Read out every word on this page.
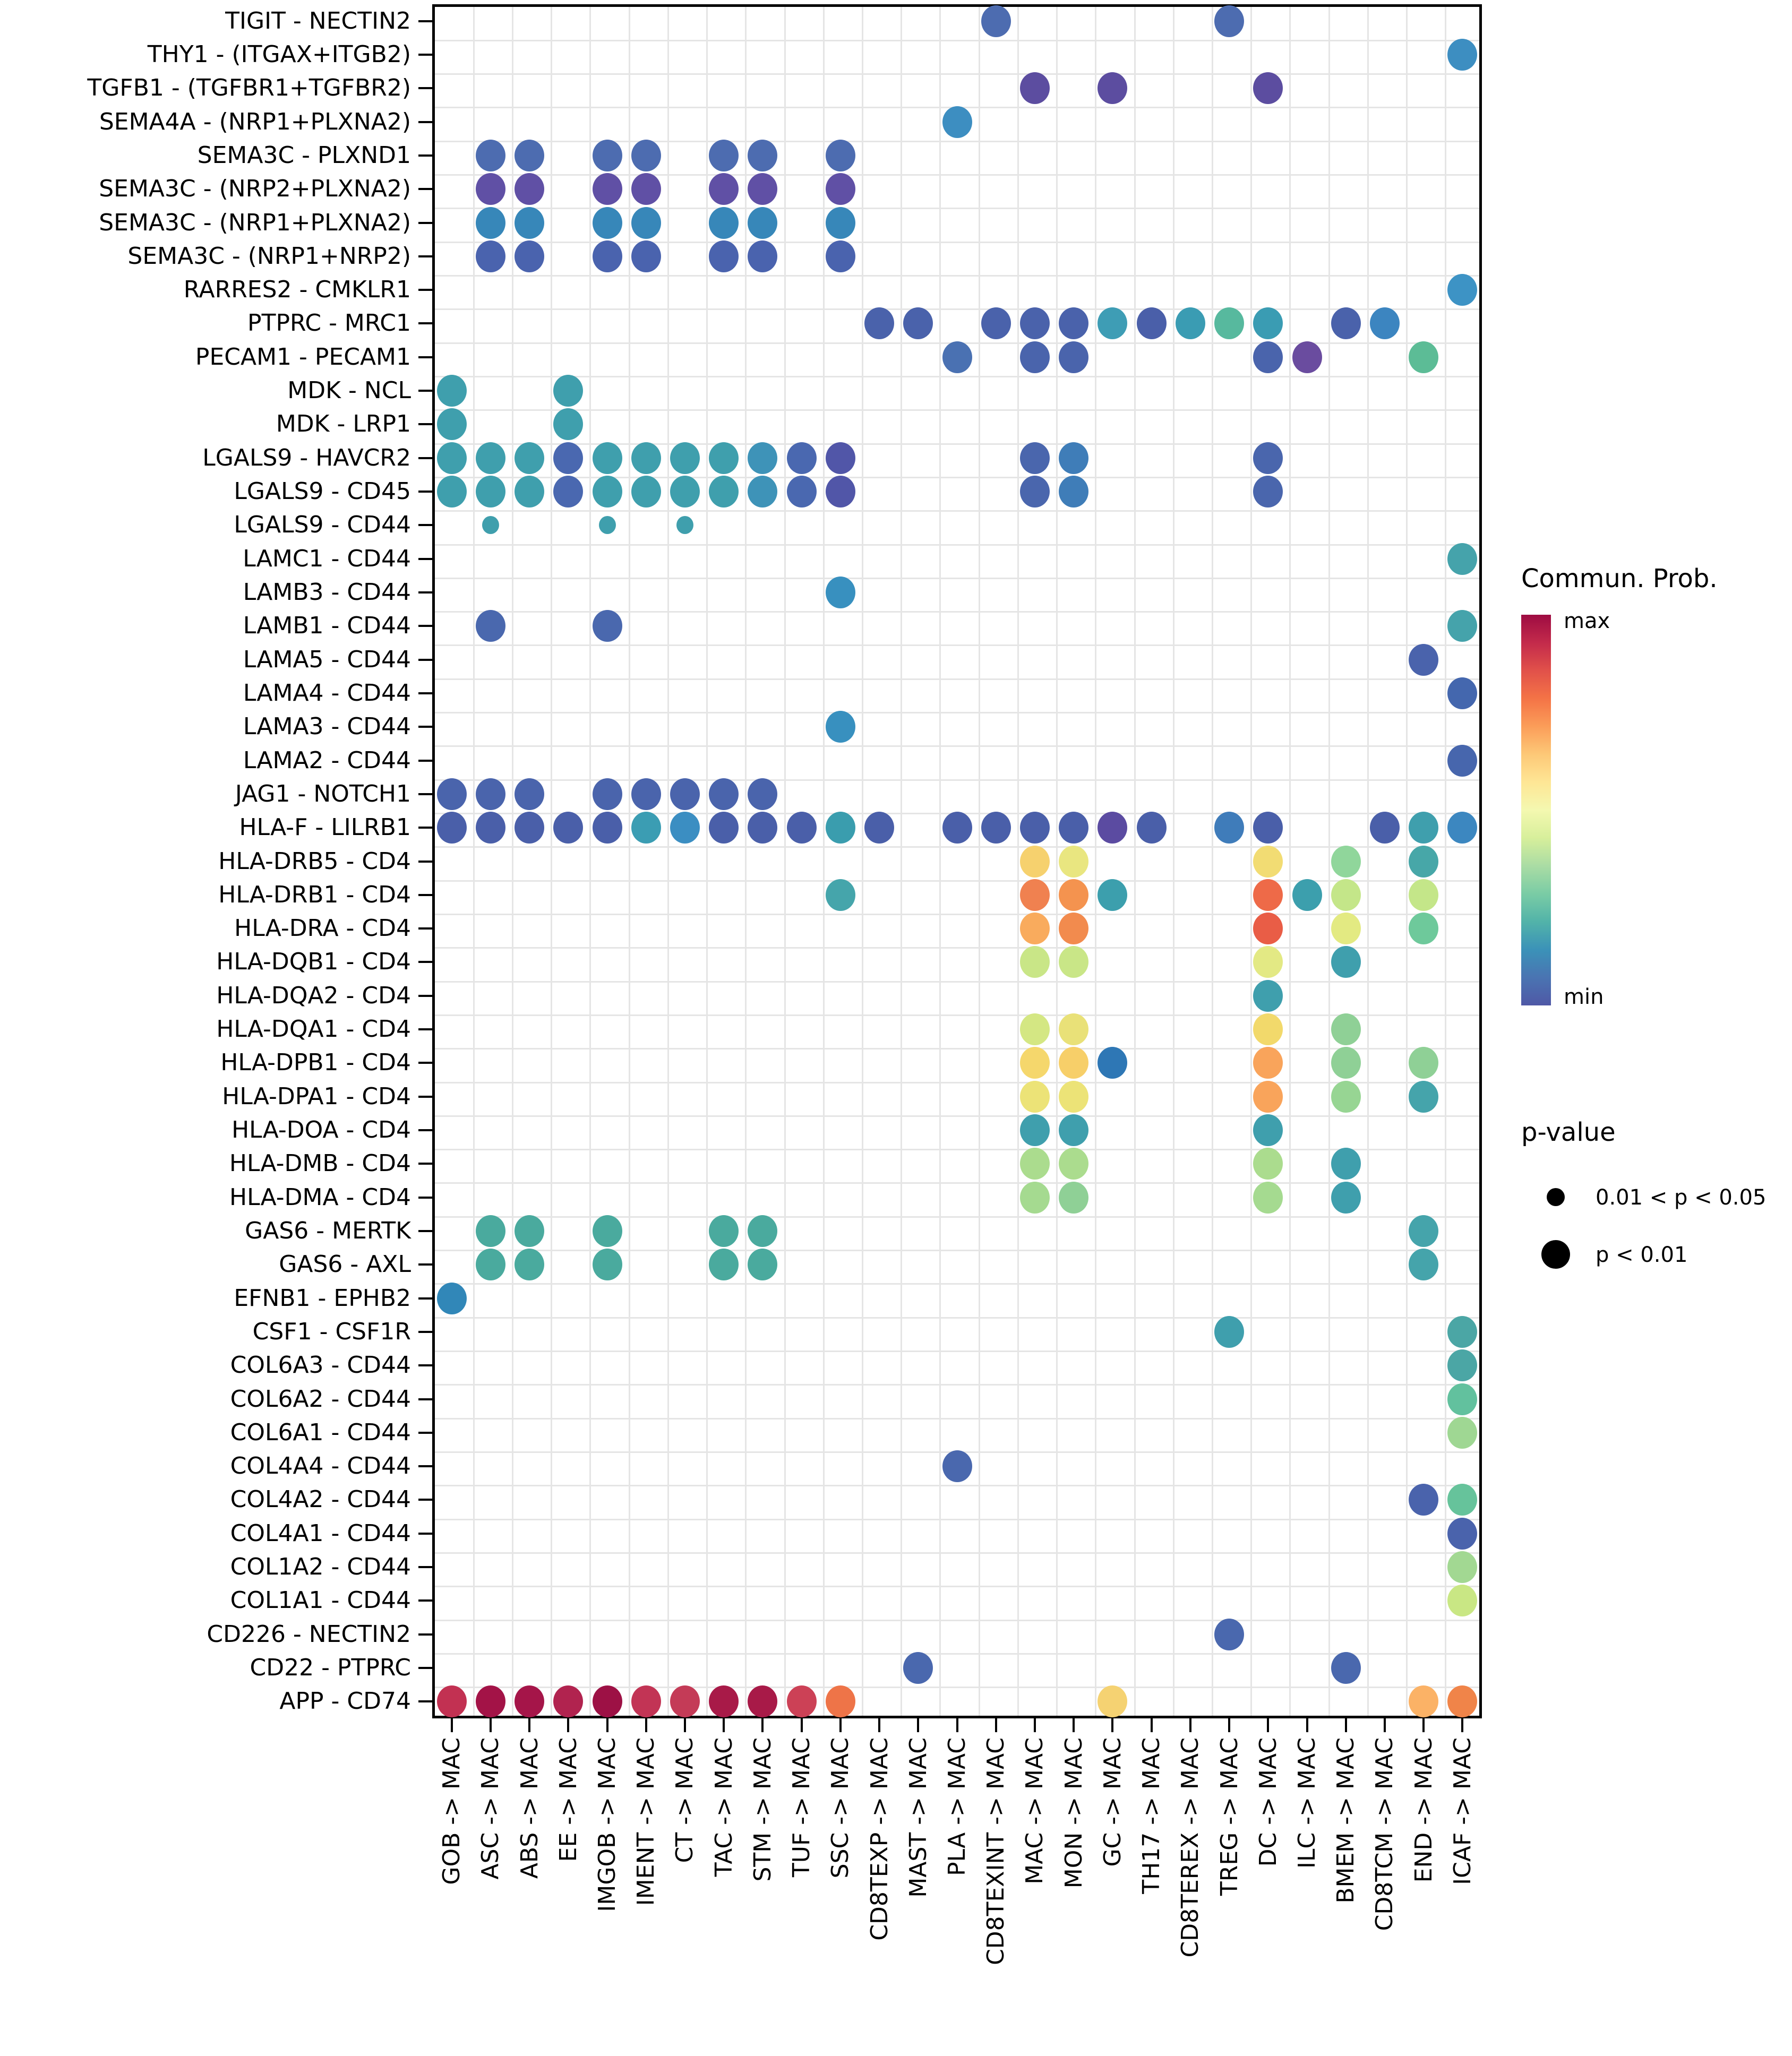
TIGIT - NECTIN2
THY1 - (ITGAX+ITGB2)
TGFB1 - (TGFBR1+TGFBR2)
SEMA4A - (NRP1+PLXNA2)
SEMA3C - PLXND1
SEMA3C - (NRP2+PLXNA2)
SEMA3C - (NRP1+PLXNA2)
SEMA3C - (NRP1+NRP2)
RARRES2 - CMKLR1
PTPRC - MRC1
PECAM1 - PECAM1
MDK - NCL
MDK - LRP1
LGALS9 - HAVCR2
LGALS9 - CD45
LGALS9 - CD44
LAMC1 - CD44
LAMB3 - CD44
LAMB1 - CD44
LAMA5 - CD44
LAMA4 - CD44
LAMA3 - CD44
LAMA2 - CD44
JAG1 - NOTCH1
HLA-F - LILRB1
HLA-DRB5 - CD4
HLA-DRB1 - CD4
HLA-DRA - CD4
HLA-DQB1 - CD4
HLA-DQA2 - CD4
HLA-DQA1 - CD4
HLA-DPB1 - CD4
HLA-DPA1 - CD4
HLA-DOA - CD4
HLA-DMB - CD4
HLA-DMA - CD4
GAS6 - MERTK
GAS6 - AXL
EFNB1 - EPHB2
CSF1 - CSF1R
COL6A3 - CD44
COL6A2 - CD44
COL6A1 - CD44
COL4A4 - CD44
COL4A2 - CD44
COL4A1 - CD44
COL1A2 - CD44
COL1A1 - CD44
CD226 - NECTIN2
CD22 - PTPRC
APP - CD74
GOB -> MAC ASC -> MAC ABS -> MAC EE -> MAC IMGOB -> MAC IMENT -> MAC CT -> MAC TAC -> MAC STM -> MAC TUF -> MAC SSC -> MAC CD8TEXP -> MAC MAST -> MAC PLA -> MAC CD8TEXINT -> MAC MAC -> MAC MON -> MAC GC -> MAC TH17 -> MAC CD8TEREX -> MAC TREG -> MAC DC -> MAC ILC -> MAC BMEM -> MAC CD8TCM -> MAC END -> MAC ICAF -> MAC
Commun. Prob.
max
min
p-value
0.01 < p < 0.05
p < 0.01
